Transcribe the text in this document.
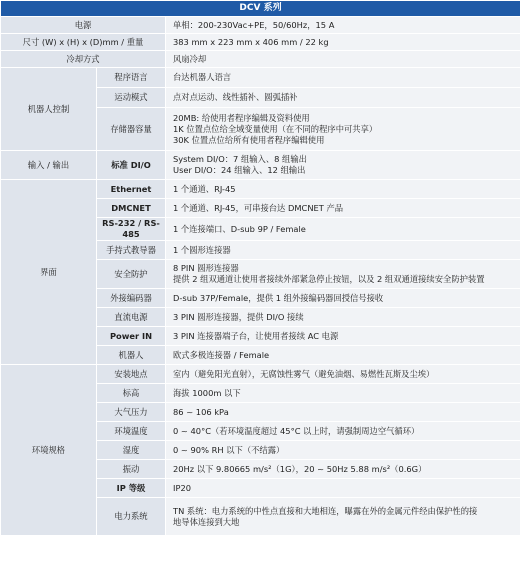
DCV 系列		
电源		单相：200-230Vac+PE，50/60Hz，15 A
尺寸 (W) x (H) x (D)mm / 重量		383 mm x 223 mm x 406 mm / 22 kg
冷却方式		风扇冷却
机器人控制	程序语言	台达机器人语言

	运动模式	点对点运动、线性插补、圆弧插补

	存储器容量	20MB: 给使用者程序编辑及资料使用
1K 位置点位给全域变量使用（在不同的程序中可共享）
30K 位置点位给所有使用者程序编辑使用

输入 / 输出	标准 DI/O	System DI/O：7 组输入、8 组输出
User DI/O：24 组输入、12 组输出

界面	Ethernet	1 个通道、RJ-45

	DMCNET	1 个通道、RJ-45，可串接台达 DMCNET 产品

	RS-232 / RS-485	1 个连接端口、D-sub 9P / Female

	手持式教导器	1 个圆形连接器

	安全防护	8 PIN 圆形连接器
提供 2 组双通道让使用者接续外部紧急停止按钮，以及 2 组双通道接续安全防护装置

	外接编码器	D-sub 37P/Female，提供 1 组外接编码器回授信号接收

	直流电源	3 PIN 圆形连接器，提供 DI/O 接续

	Power IN	3 PIN 连接器端子台，让使用者接续 AC 电源

	机器人	欧式多极连接器 / Female

环境规格	安装地点	室内（避免阳光直射），无腐蚀性雾气（避免油烟、易燃性瓦斯及尘埃）

	标高	海拔 1000m 以下

	大气压力	86 ~ 106 kPa

	环境温度	0 ~ 40°C（若环境温度超过 45°C 以上时，请强制周边空气循环）

	湿度	0 ~ 90% RH 以下（不结露）

	振动	20Hz 以下 9.80665 m/s²（1G），20 ~ 50Hz 5.88 m/s²（0.6G）

	IP 等级	IP20

	电力系统	TN 系统：电力系统的中性点直接和大地相连，曝露在外的金属元件经由保护性的接
地导体连接到大地
